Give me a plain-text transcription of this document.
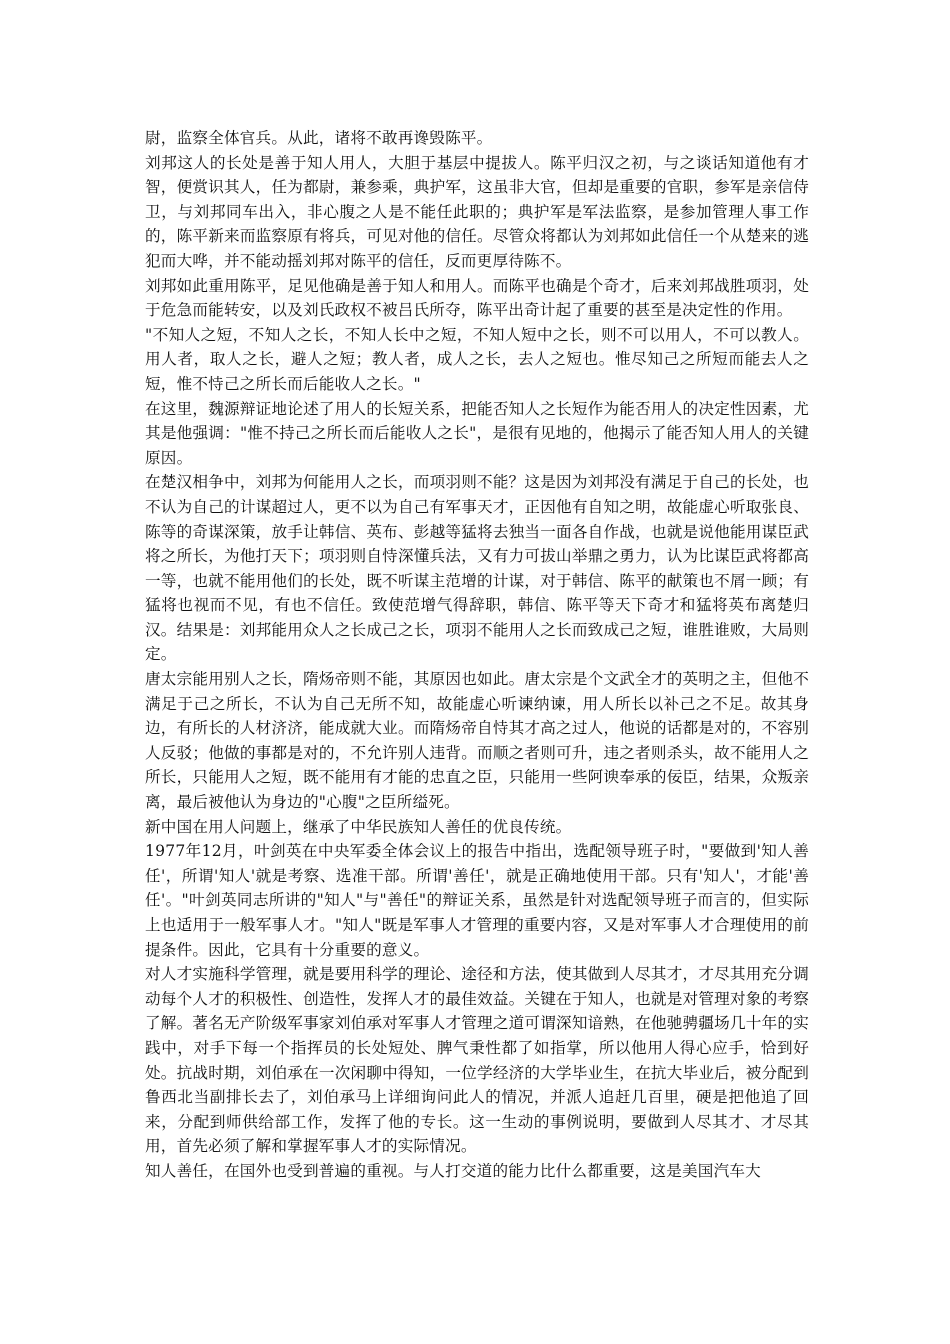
尉，监察全体官兵。从此，诸将不敢再谗毁陈平。

刘邦这人的长处是善于知人用人，大胆于基层中提拔人。陈平归汉之初，与之谈话知道他有才智，便赏识其人，任为都尉，兼参乘，典护军，这虽非大官，但却是重要的官职，参军是亲信侍卫，与刘邦同车出入，非心腹之人是不能任此职的；典护军是军法监察，是参加管理人事工作的，陈平新来而监察原有将兵，可见对他的信任。尽管众将都认为刘邦如此信任一个从楚来的逃犯而大哗，并不能动摇刘邦对陈平的信任，反而更厚待陈不。

刘邦如此重用陈平，足见他确是善于知人和用人。而陈平也确是个奇才，后来刘邦战胜项羽，处于危急而能转安，以及刘氏政权不被吕氏所夺，陈平出奇计起了重要的甚至是决定性的作用。

"不知人之短，不知人之长，不知人长中之短，不知人短中之长，则不可以用人，不可以教人。用人者，取人之长，避人之短；教人者，成人之长，去人之短也。惟尽知己之所短而能去人之短，惟不恃己之所长而后能收人之长。"

在这里，魏源辩证地论述了用人的长短关系，把能否知人之长短作为能否用人的决定性因素，尤其是他强调："惟不持己之所长而后能收人之长"，是很有见地的，他揭示了能否知人用人的关键原因。

在楚汉相争中，刘邦为何能用人之长，而项羽则不能？这是因为刘邦没有满足于自己的长处，也不认为自己的计谋超过人，更不以为自己有军事天才，正因他有自知之明，故能虚心听取张良、陈等的奇谋深策，放手让韩信、英布、彭越等猛将去独当一面各自作战，也就是说他能用谋臣武将之所长，为他打天下；项羽则自恃深懂兵法，又有力可拔山举鼎之勇力，认为比谋臣武将都高一等，也就不能用他们的长处，既不听谋主范增的计谋，对于韩信、陈平的献策也不屑一顾；有猛将也视而不见，有也不信任。致使范增气得辞职，韩信、陈平等天下奇才和猛将英布离楚归汉。结果是：刘邦能用众人之长成己之长，项羽不能用人之长而致成己之短，谁胜谁败，大局则定。

唐太宗能用别人之长，隋炀帝则不能，其原因也如此。唐太宗是个文武全才的英明之主，但他不满足于己之所长，不认为自己无所不知，故能虚心听谏纳谏，用人所长以补己之不足。故其身边，有所长的人材济济，能成就大业。而隋炀帝自恃其才高之过人，他说的话都是对的，不容别人反驳；他做的事都是对的，不允许别人违背。而顺之者则可升，违之者则杀头，故不能用人之所长，只能用人之短，既不能用有才能的忠直之臣，只能用一些阿谀奉承的佞臣，结果，众叛亲离，最后被他认为身边的"心腹"之臣所缢死。

新中国在用人问题上，继承了中华民族知人善任的优良传统。

1977年12月，叶剑英在中央军委全体会议上的报告中指出，选配领导班子时，"要做到'知人善任'，所谓'知人'就是考察、选准干部。所谓'善任'，就是正确地使用干部。只有'知人'，才能'善任'。"叶剑英同志所讲的"知人"与"善任"的辩证关系，虽然是针对选配领导班子而言的，但实际上也适用于一般军事人才。"知人"既是军事人才管理的重要内容，又是对军事人才合理使用的前提条件。因此，它具有十分重要的意义。

对人才实施科学管理，就是要用科学的理论、途径和方法，使其做到人尽其才，才尽其用充分调动每个人才的积极性、创造性，发挥人才的最佳效益。关键在于知人，也就是对管理对象的考察了解。著名无产阶级军事家刘伯承对军事人才管理之道可谓深知谙熟，在他驰骋疆场几十年的实践中，对手下每一个指挥员的长处短处、脾气秉性都了如指掌，所以他用人得心应手，恰到好处。抗战时期，刘伯承在一次闲聊中得知，一位学经济的大学毕业生，在抗大毕业后，被分配到鲁西北当副排长去了，刘伯承马上详细询问此人的情况，并派人追赶几百里，硬是把他追了回来，分配到师供给部工作，发挥了他的专长。这一生动的事例说明，要做到人尽其才、才尽其用，首先必须了解和掌握军事人才的实际情况。

知人善任，在国外也受到普遍的重视。与人打交道的能力比什么都重要，这是美国汽车大
